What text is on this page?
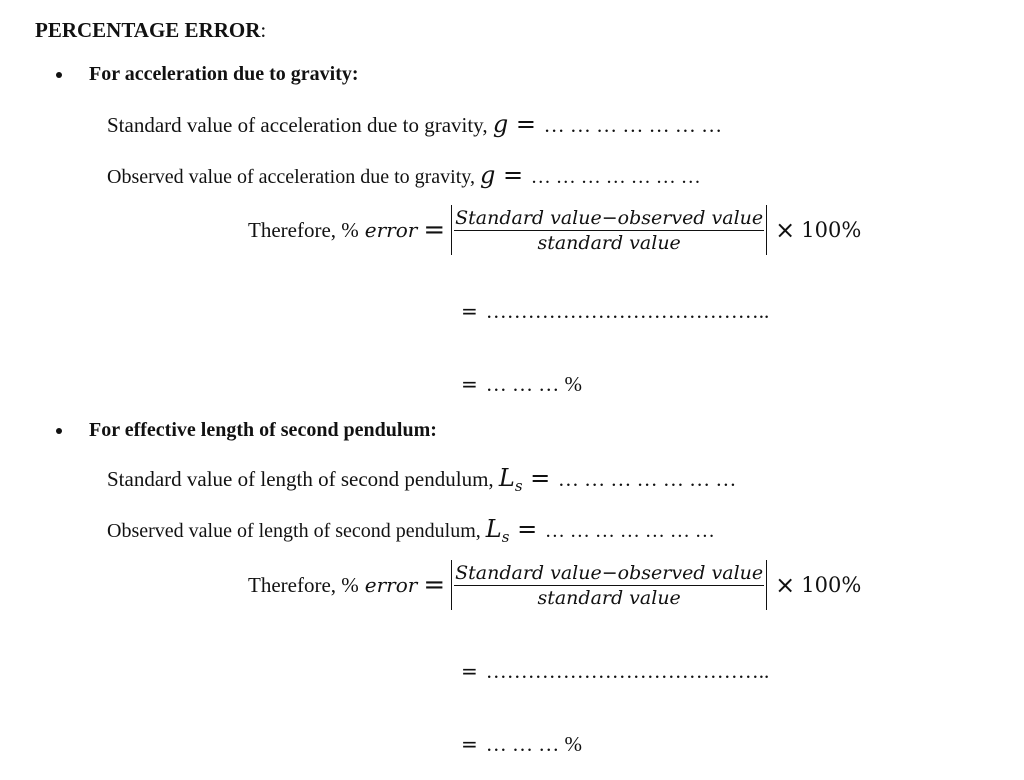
PERCENTAGE ERROR:
For acceleration due to gravity:
Standard value of acceleration due to gravity, g = … … … … … … …
Observed value of acceleration due to gravity, g = … … … … … … …
Therefore, % error = $\frac{\text{Standard value−observed value}}{\text{standard value}} \times 100\%$
= …………………………………..
= … … … %
For effective length of second pendulum:
Standard value of length of second pendulum, $L_s$ = … … … … … … …
Observed value of length of second pendulum, $L_s$ = … … … … … … …
Therefore, % error = $\frac{\text{Standard value−observed value}}{\text{standard value}} \times 100\%$
= …………………………………..
= … … … %
